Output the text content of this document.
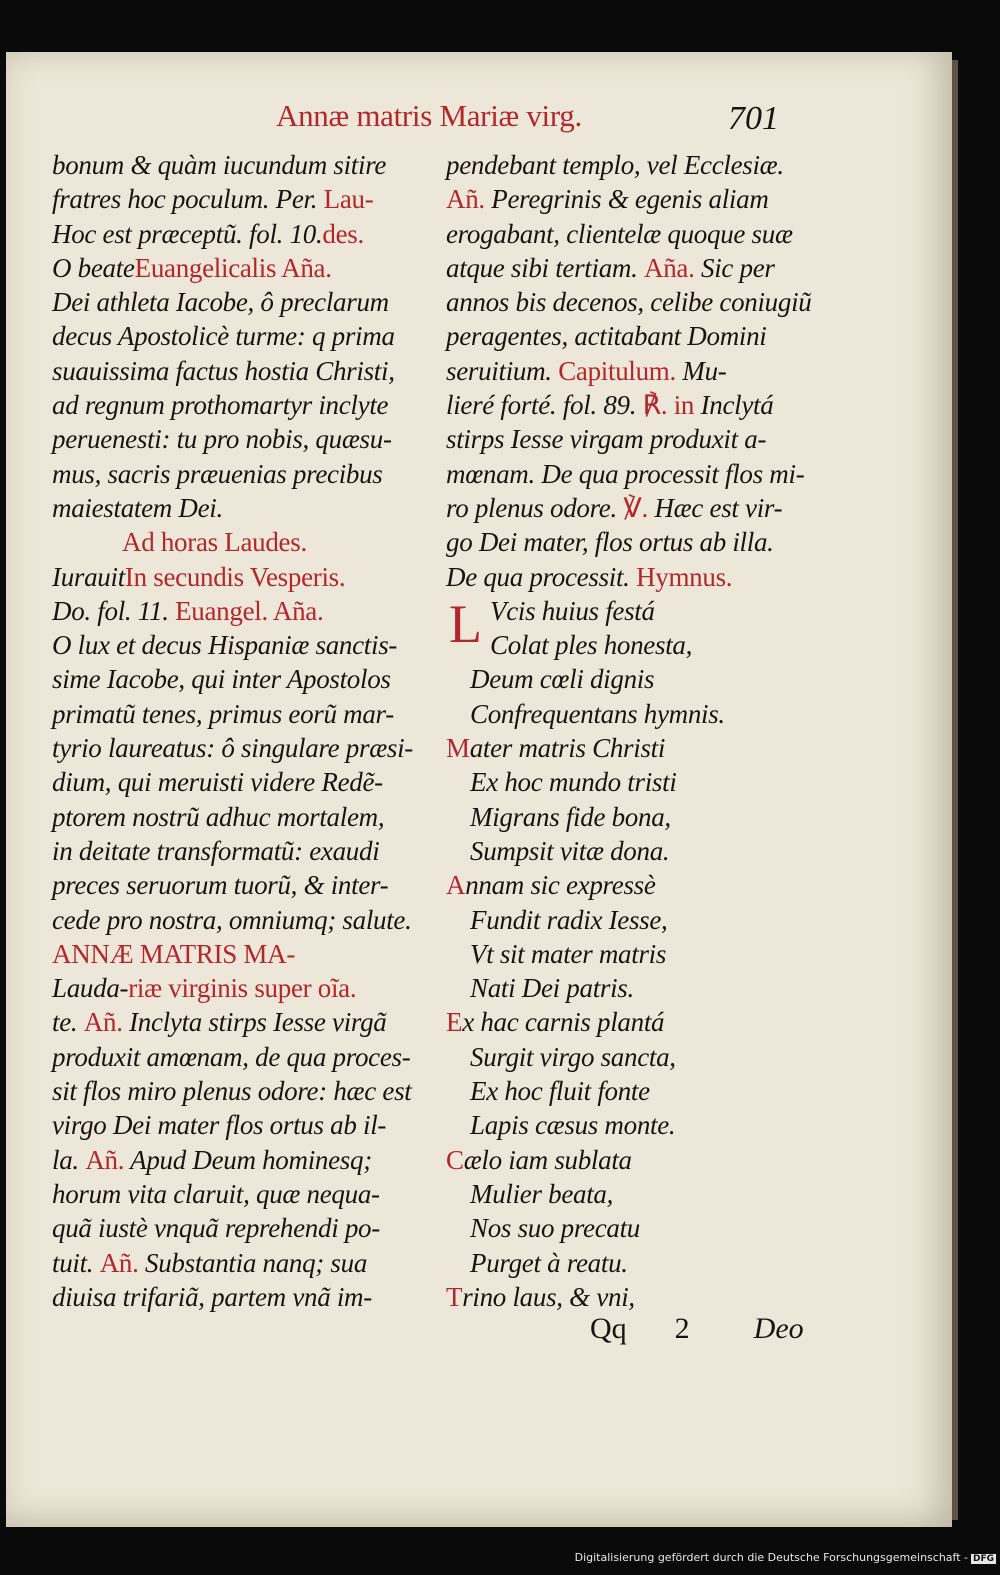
Annæ matris Mariæ virg.	701
bonum & quàm iucundum sitire
fratres hoc poculum. Per. Lau-
Hoc est præceptũ. fol. 10.des.
O beateEuangelicalis Aña.
Dei athleta Iacobe, ô preclarum
decus Apostolicè turme: q prima
suauissima factus hostia Christi,
ad regnum prothomartyr inclyte
peruenesti: tu pro nobis, quæsu-
mus, sacris præuenias precibus
maiestatem Dei.
Ad horas Laudes.
IurauitIn secundis Vesperis.
Do. fol. 11. Euangel. Aña.
O lux et decus Hispaniæ sanctis-
sime Iacobe, qui inter Apostolos
primatũ tenes, primus eorũ mar-
tyrio laureatus: ô singulare præsi-
dium, qui meruisti videre Redẽ-
ptorem nostrũ adhuc mortalem,
in deitate transformatũ: exaudi
preces seruorum tuorũ, & inter-
cede pro nostra, omniumq; salute.
ANNÆ MATRIS MA-
Lauda-riæ virginis super oĩa.
te. Añ. Inclyta stirps Iesse virgã
produxit amœnam, de qua proces-
sit flos miro plenus odore: hæc est
virgo Dei mater flos ortus ab il-
la. Añ. Apud Deum hominesq;
horum vita claruit, quæ nequa-
quã iustè vnquã reprehendi po-
tuit. Añ. Substantia nanq; sua
diuisa trifariã, partem vnã im-
pendebant templo, vel Ecclesiæ.
Añ. Peregrinis & egenis aliam
erogabant, clientelæ quoque suæ
atque sibi tertiam. Aña. Sic per
annos bis decenos, celibe coniugiũ
peragentes, actitabant Domini
seruitium. Capitulum. Mu-
lieré forté. fol. 89. ℟. in Inclytá
stirps Iesse virgam produxit a-
mœnam. De qua processit flos mi-
ro plenus odore. ℣. Hæc est vir-
go Dei mater, flos ortus ab illa.
De qua processit. Hymnus.
L Vcis huius festá
Colat ples honesta,
Deum cœli dignis
Confrequentans hymnis.
Mater matris Christi
Ex hoc mundo tristi
Migrans fide bona,
Sumpsit vitæ dona.
Annam sic expressè
Fundit radix Iesse,
Vt sit mater matris
Nati Dei patris.
Ex hac carnis plantá
Surgit virgo sancta,
Ex hoc fluit fonte
Lapis cæsus monte.
Cælo iam sublata
Mulier beata,
Nos suo precatu
Purget à reatu.
Trino laus, & vni,
Qq 2 Deo
Digitalisierung gefördert durch die Deutsche Forschungsgemeinschaft - DFG
